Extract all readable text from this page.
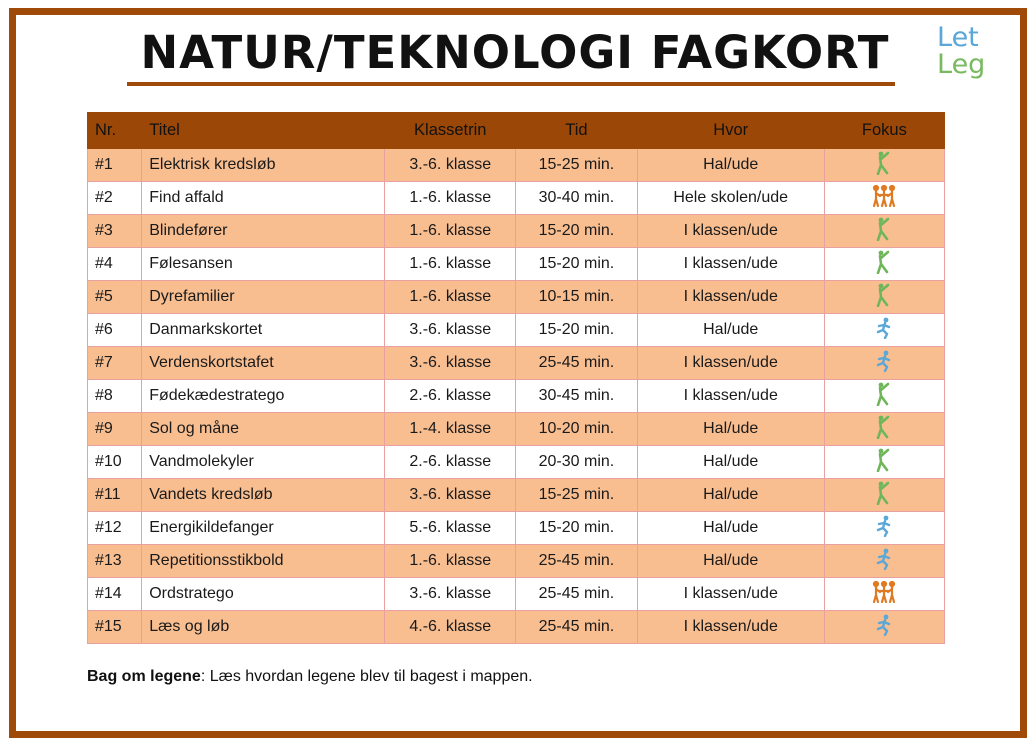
NATUR/TEKNOLOGI FAGKORT	Let
Leg
Nr.	Titel	Klassetrin	Tid	Hvor	Fokus
#1	Elektrisk kredsløb	3.-6. klasse	15-25 min.	Hal/ude	
#2	Find affald	1.-6. klasse	30-40 min.	Hele skolen/ude	
#3	Blindefører	1.-6. klasse	15-20 min.	I klassen/ude	
#4	Følesansen	1.-6. klasse	15-20 min.	I klassen/ude	
#5	Dyrefamilier	1.-6. klasse	10-15 min.	I klassen/ude	
#6	Danmarkskortet	3.-6. klasse	15-20 min.	Hal/ude	
#7	Verdenskortstafet	3.-6. klasse	25-45 min.	I klassen/ude	
#8	Fødekædestratego	2.-6. klasse	30-45 min.	I klassen/ude	
#9	Sol og måne	1.-4. klasse	10-20 min.	Hal/ude	
#10	Vandmolekyler	2.-6. klasse	20-30 min.	Hal/ude	
#11	Vandets kredsløb	3.-6. klasse	15-25 min.	Hal/ude	
#12	Energikildefanger	5.-6. klasse	15-20 min.	Hal/ude	
#13	Repetitionsstikbold	1.-6. klasse	25-45 min.	Hal/ude	
#14	Ordstratego	3.-6. klasse	25-45 min.	I klassen/ude	
#15	Læs og løb	4.-6. klasse	25-45 min.	I klassen/ude	
Bag om legene: Læs hvordan legene blev til bagest i mappen.
